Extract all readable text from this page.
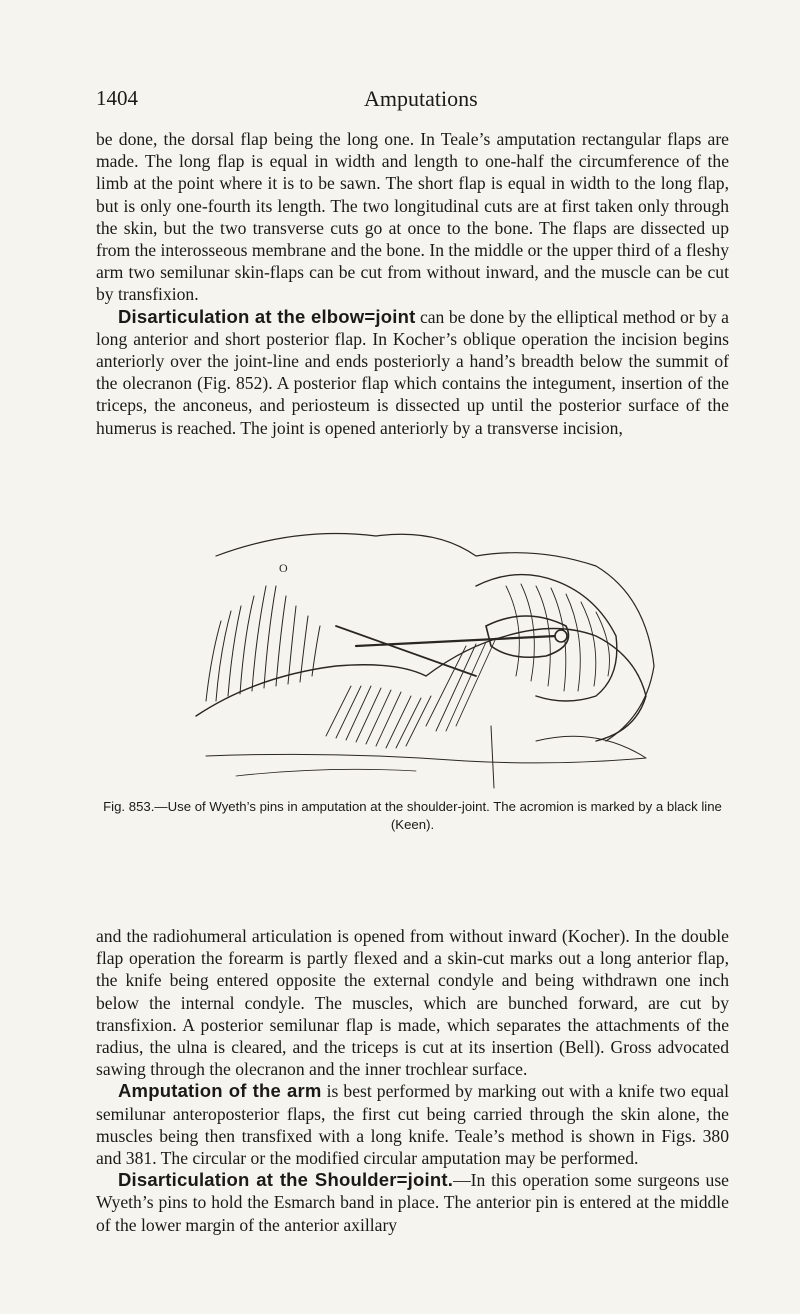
1404	Amputations

be done, the dorsal flap being the long one. In Teale’s amputation rectangular flaps are made. The long flap is equal in width and length to one-half the circumference of the limb at the point where it is to be sawn. The short flap is equal in width to the long flap, but is only one-fourth its length. The two longitudinal cuts are at first taken only through the skin, but the two transverse cuts go at once to the bone. The flaps are dissected up from the interosseous membrane and the bone. In the middle or the upper third of a fleshy arm two semilunar skin-flaps can be cut from without inward, and the muscle can be cut by transfixion.

Disarticulation at the elbow=joint can be done by the elliptical method or by a long anterior and short posterior flap. In Kocher’s oblique operation the incision begins anteriorly over the joint-line and ends posteriorly a hand’s breadth below the summit of the olecranon (Fig. 852). A posterior flap which contains the integument, insertion of the triceps, the anconeus, and periosteum is dissected up until the posterior surface of the humerus is reached. The joint is opened anteriorly by a transverse incision,

O
Fig. 853.—Use of Wyeth’s pins in amputation at the shoulder-joint. The acromion is marked by a black line (Keen).

and the radiohumeral articulation is opened from without inward (Kocher). In the double flap operation the forearm is partly flexed and a skin-cut marks out a long anterior flap, the knife being entered opposite the external condyle and being withdrawn one inch below the internal condyle. The muscles, which are bunched forward, are cut by transfixion. A posterior semilunar flap is made, which separates the attachments of the radius, the ulna is cleared, and the triceps is cut at its insertion (Bell). Gross advocated sawing through the olecranon and the inner trochlear surface.

Amputation of the arm is best performed by marking out with a knife two equal semilunar anteroposterior flaps, the first cut being carried through the skin alone, the muscles being then transfixed with a long knife. Teale’s method is shown in Figs. 380 and 381. The circular or the modified circular amputation may be performed.

Disarticulation at the Shoulder=joint.—In this operation some surgeons use Wyeth’s pins to hold the Esmarch band in place. The anterior pin is entered at the middle of the lower margin of the anterior axillary
